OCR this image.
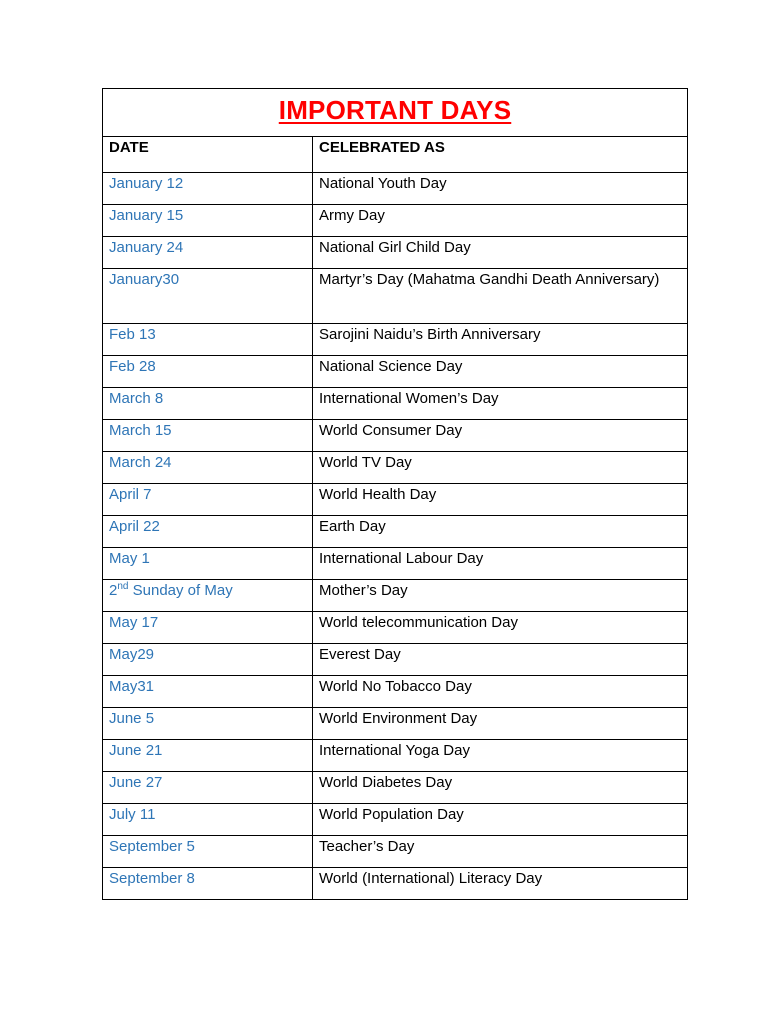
IMPORTANT DAYS	
DATE	CELEBRATED AS
January 12	National Youth Day
January 15	Army Day
January 24	National Girl Child Day
January30	Martyr’s Day (Mahatma Gandhi Death Anniversary)
Feb 13	Sarojini Naidu’s Birth Anniversary
Feb 28	National Science Day
March 8	International Women’s Day
March 15	World Consumer Day
March 24	World TV Day
April 7	World Health Day
April 22	Earth Day
May 1	International Labour Day
2nd Sunday of May	Mother’s Day
May 17	World telecommunication Day
May29	Everest Day
May31	World No Tobacco Day
June 5	World Environment Day
June 21	International Yoga Day
June 27	World Diabetes Day
July 11	World Population Day
September 5	Teacher’s Day
September 8	World (International) Literacy Day
